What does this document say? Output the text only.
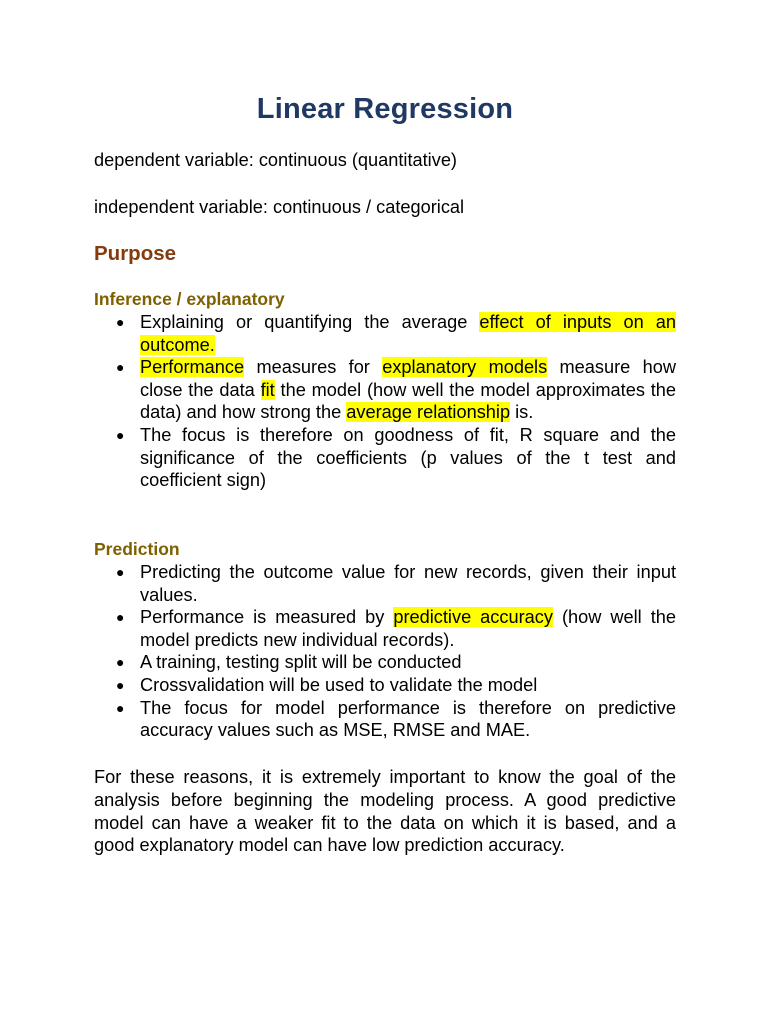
Linear Regression

dependent variable: continuous (quantitative)

independent variable: continuous / categorical

Purpose
Inference / explanatory
● Explaining or quantifying the average effect of inputs on an outcome.
● Performance measures for explanatory models measure how close the data fit the model (how well the model approximates the data) and how strong the average relationship is.
● The focus is therefore on goodness of fit, R square and the significance of the coefficients (p values of the t test and coefficient sign)
Prediction
● Predicting the outcome value for new records, given their input values.
● Performance is measured by predictive accuracy (how well the model predicts new individual records).
● A training, testing split will be conducted
● Crossvalidation will be used to validate the model
● The focus for model performance is therefore on predictive accuracy values such as MSE, RMSE and MAE.

For these reasons, it is extremely important to know the goal of the analysis before beginning the modeling process. A good predictive model can have a weaker fit to the data on which it is based, and a good explanatory model can have low prediction accuracy.
